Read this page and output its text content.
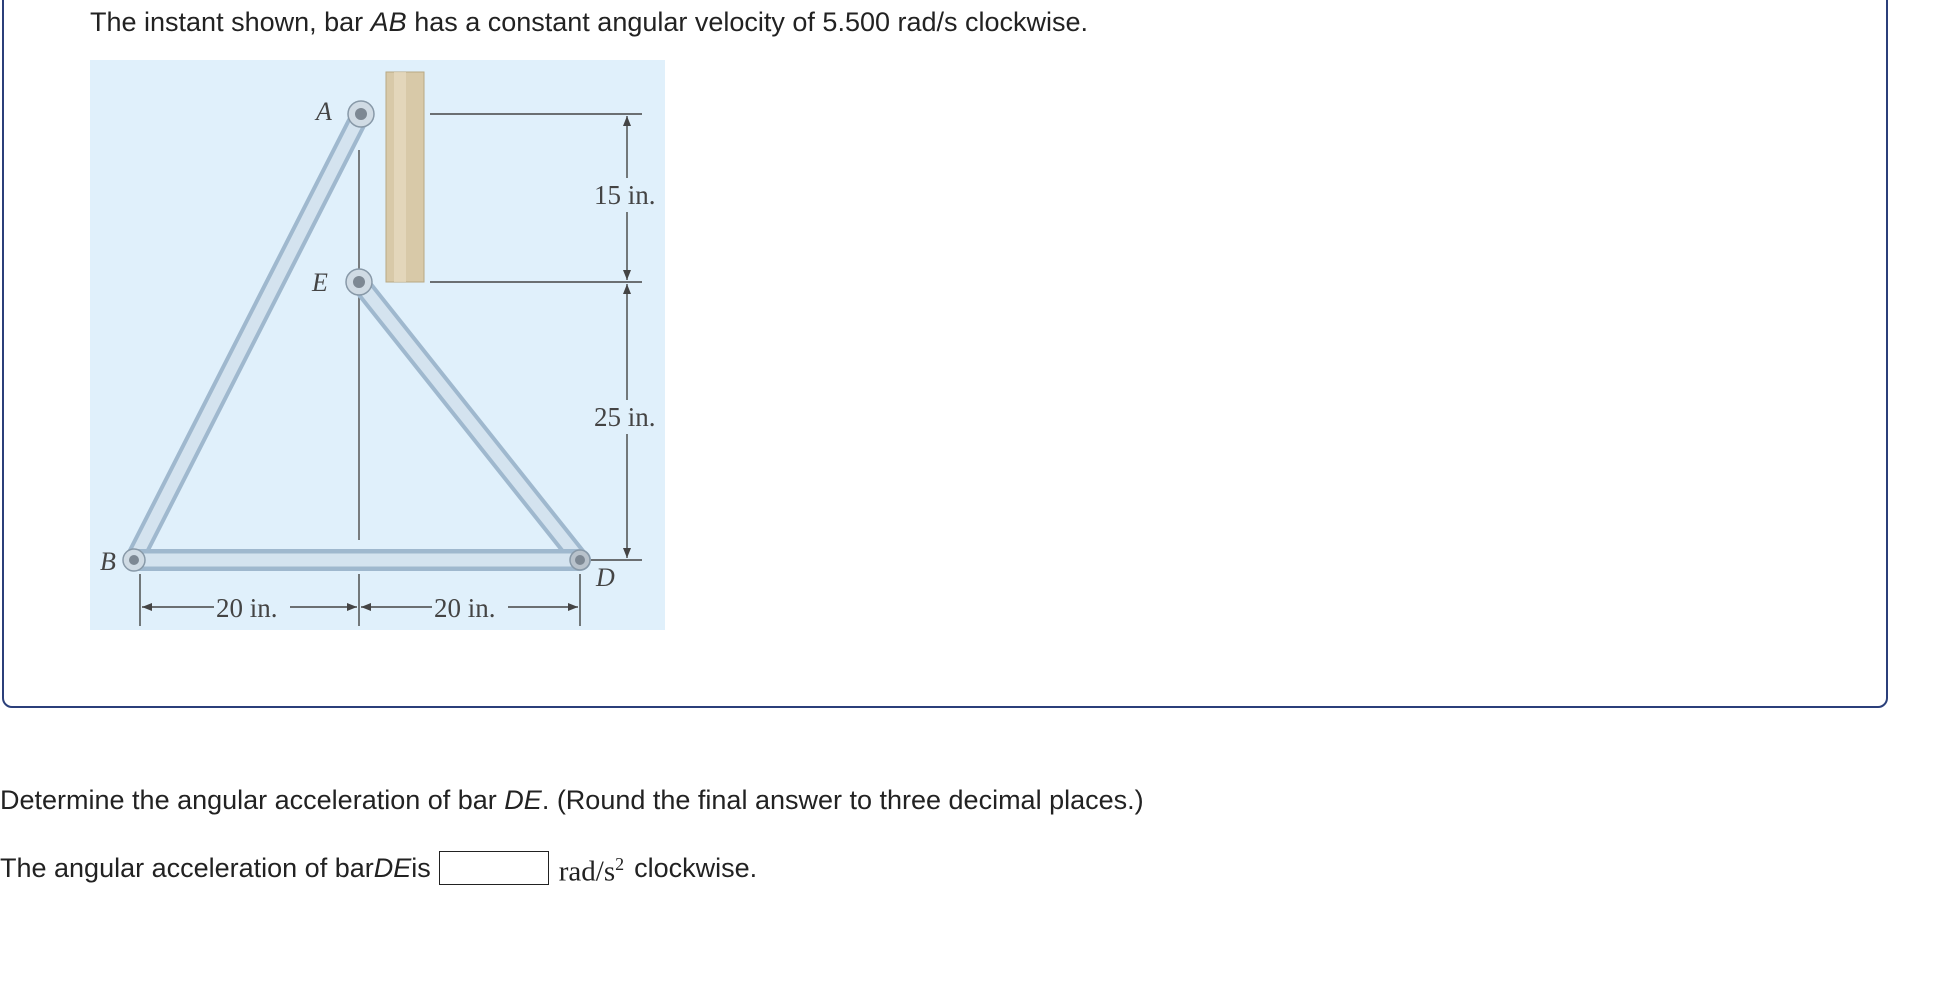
The instant shown, bar AB has a constant angular velocity of 5.500 rad/s clockwise.
A
E
B
D
15 in.
25 in.
20 in.	20 in.
Determine the angular acceleration of bar DE. (Round the final answer to three decimal places.)
The angular acceleration of bar DE is	rad/$s^2$ clockwise.
